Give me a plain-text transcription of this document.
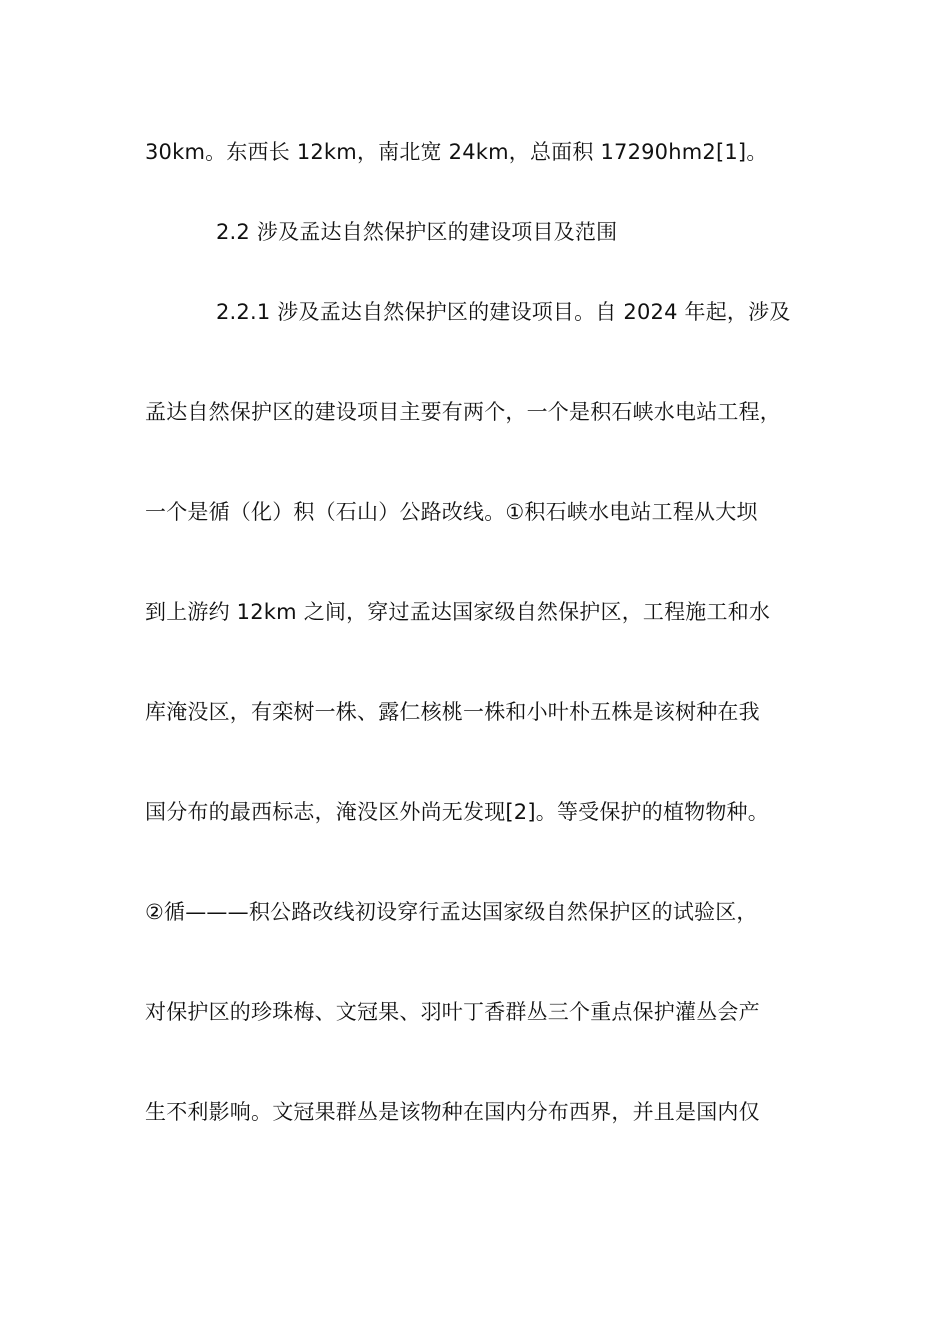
30km。东西长 12km，南北宽 24km，总面积 17290hm2[1]。
2.2 涉及孟达自然保护区的建设项目及范围
2.2.1 涉及孟达自然保护区的建设项目。自 2024 年起，涉及
孟达自然保护区的建设项目主要有两个，一个是积石峡水电站工程，
一个是循（化）积（石山）公路改线。①积石峡水电站工程从大坝
到上游约 12km 之间，穿过孟达国家级自然保护区，工程施工和水
库淹没区，有栾树一株、露仁核桃一株和小叶朴五株是该树种在我
国分布的最西标志，淹没区外尚无发现[2]。等受保护的植物物种。
②循———积公路改线初设穿行孟达国家级自然保护区的试验区，
对保护区的珍珠梅、文冠果、羽叶丁香群丛三个重点保护灌丛会产
生不利影响。文冠果群丛是该物种在国内分布西界，并且是国内仅
